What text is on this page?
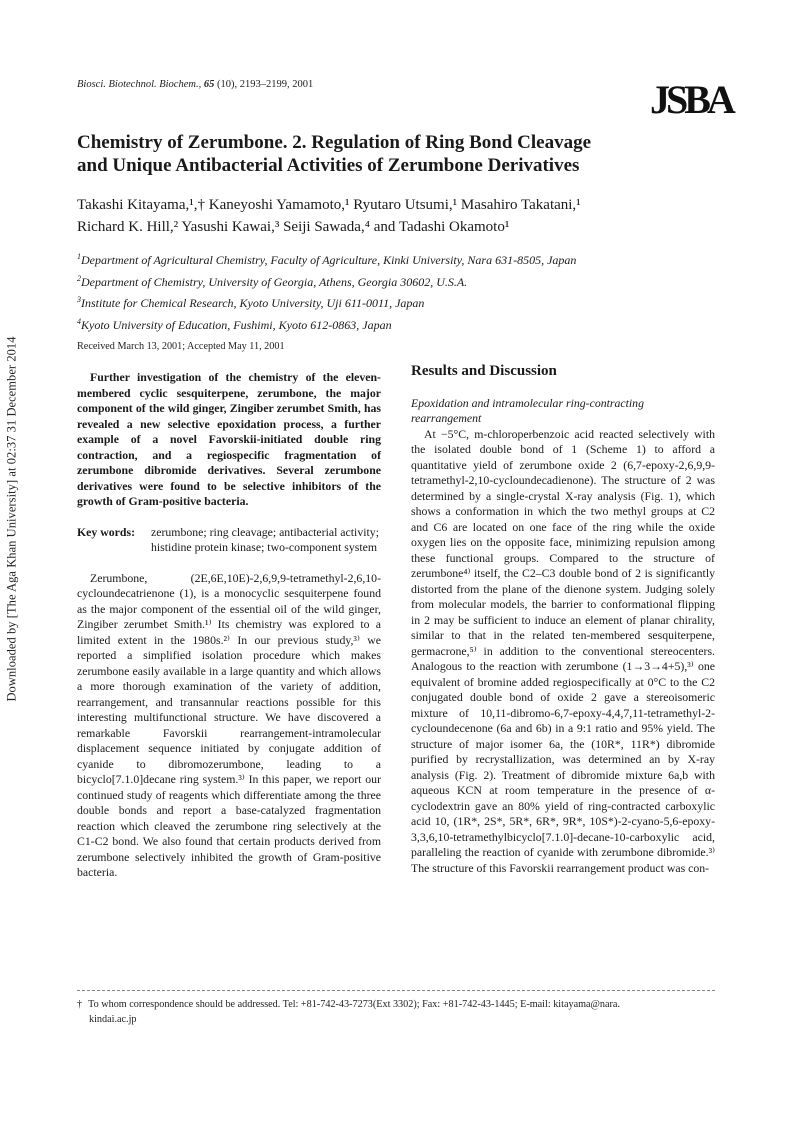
Downloaded by [The Aga Khan University] at 02:37 31 December 2014
Biosci. Biotechnol. Biochem., 65 (10), 2193–2199, 2001	JSBA
Chemistry of Zerumbone. 2. Regulation of Ring Bond Cleavage
and Unique Antibacterial Activities of Zerumbone Derivatives
Takashi Kitayama,¹,† Kaneyoshi Yamamoto,¹ Ryutaro Utsumi,¹ Masahiro Takatani,¹
Richard K. Hill,² Yasushi Kawai,³ Seiji Sawada,⁴ and Tadashi Okamoto¹
$^1$Department of Agricultural Chemistry, Faculty of Agriculture, Kinki University, Nara 631-8505, Japan
$^2$Department of Chemistry, University of Georgia, Athens, Georgia 30602, U.S.A.
$^3$Institute for Chemical Research, Kyoto University, Uji 611-0011, Japan
$^4$Kyoto University of Education, Fushimi, Kyoto 612-0863, Japan
Received March 13, 2001; Accepted May 11, 2001

Further investigation of the chemistry of the eleven-membered cyclic sesquiterpene, zerumbone, the major component of the wild ginger, Zingiber zerumbet Smith, has revealed a new selective epoxidation process, a further example of a novel Favorskii-initiated double ring contraction, and a regiospecific fragmentation of zerumbone dibromide derivatives. Several zerumbone derivatives were found to be selective inhibitors of the growth of Gram-positive bacteria.

Key words:	zerumbone; ring cleavage; antibacterial activity; histidine protein kinase; two-component system

Zerumbone, (2E,6E,10E)-2,6,9,9-tetramethyl-2,6,10-cycloundecatrienone (1), is a monocyclic sesquiterpene found as the major component of the essential oil of the wild ginger, Zingiber zerumbet Smith.¹⁾ Its chemistry was explored to a limited extent in the 1980s.²⁾ In our previous study,³⁾ we reported a simplified isolation procedure which makes zerumbone easily available in a large quantity and which allows a more thorough examination of the variety of addition, rearrangement, and transannular reactions possible for this interesting multifunctional structure. We have discovered a remarkable Favorskii rearrangement-intramolecular displacement sequence initiated by conjugate addition of cyanide to dibromozerumbone, leading to a bicyclo[7.1.0]decane ring system.³⁾ In this paper, we report our continued study of reagents which differentiate among the three double bonds and report a base-catalyzed fragmentation reaction which cleaved the zerumbone ring selectively at the C1-C2 bond. We also found that certain products derived from zerumbone selectively inhibited the growth of Gram-positive bacteria.

Results and Discussion

Epoxidation and intramolecular ring-contracting rearrangement

At −5°C, m-chloroperbenzoic acid reacted selectively with the isolated double bond of 1 (Scheme 1) to afford a quantitative yield of zerumbone oxide 2 (6,7-epoxy-2,6,9,9-tetramethyl-2,10-cycloundecadienone). The structure of 2 was determined by a single-crystal X-ray analysis (Fig. 1), which shows a conformation in which the two methyl groups at C2 and C6 are located on one face of the ring while the oxide oxygen lies on the opposite face, minimizing repulsion among these functional groups. Compared to the structure of zerumbone⁴⁾ itself, the C2–C3 double bond of 2 is significantly distorted from the plane of the dienone system. Judging solely from molecular models, the barrier to conformational flipping in 2 may be sufficient to induce an element of planar chirality, similar to that in the related ten-membered sesquiterpene, germacrone,⁵⁾ in addition to the conventional stereocenters. Analogous to the reaction with zerumbone (1→3→4+5),³⁾ one equivalent of bromine added regiospecifically at 0°C to the C2 conjugated double bond of oxide 2 gave a stereoisomeric mixture of 10,11-dibromo-6,7-epoxy-4,4,7,11-tetramethyl-2-cycloundecenone (6a and 6b) in a 9:1 ratio and 95% yield. The structure of major isomer 6a, the (10R*, 11R*) dibromide purified by recrystallization, was determined an by X-ray analysis (Fig. 2). Treatment of dibromide mixture 6a,b with aqueous KCN at room temperature in the presence of α-cyclodextrin gave an 80% yield of ring-contracted carboxylic acid 10, (1R*, 2S*, 5R*, 6R*, 9R*, 10S*)-2-cyano-5,6-epoxy-3,3,6,10-tetramethylbicyclo[7.1.0]-decane-10-carboxylic acid, paralleling the reaction of cyanide with zerumbone dibromide.³⁾ The structure of this Favorskii rearrangement product was con-

† To whom correspondence should be addressed. Tel: +81-742-43-7273(Ext 3302); Fax: +81-742-43-1445; E-mail: kitayama@nara.
kindai.ac.jp
